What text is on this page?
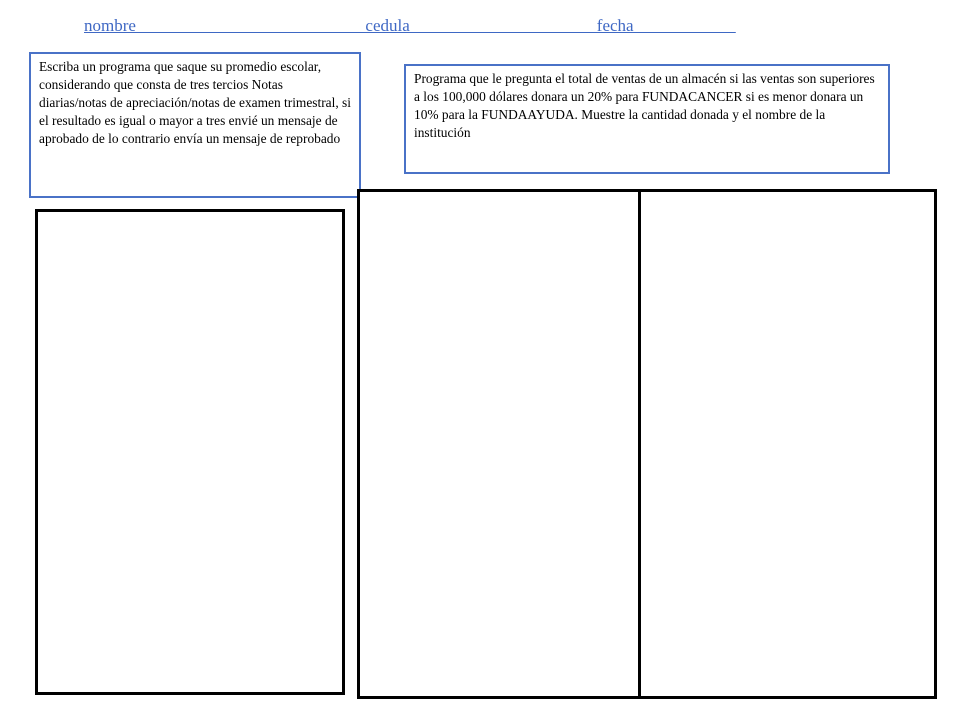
nombre___________________________cedula______________________fecha____________
Escriba un programa que saque su promedio escolar, considerando que consta de tres tercios Notas diarias/notas de apreciación/notas de examen trimestral, si el resultado es igual o mayor a tres envié un mensaje de aprobado de lo contrario envía un mensaje de reprobado
Programa que le pregunta el total de ventas de un almacén si las ventas son superiores a los 100,000 dólares donara un 20% para FUNDACANCER si es menor donara un 10% para la FUNDAAYUDA. Muestre la cantidad donada y el nombre de la institución
